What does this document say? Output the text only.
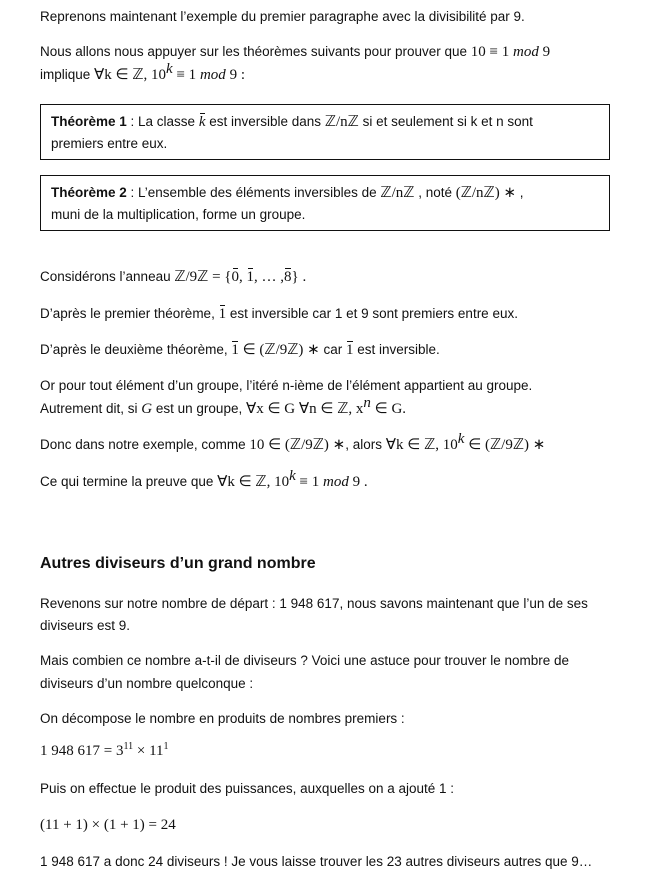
Reprenons maintenant l’exemple du premier paragraphe avec la divisibilité par 9.

Nous allons nous appuyer sur les théorèmes suivants pour prouver que 10 ≡ 1 mod 9

implique ∀k ∈ ℤ, $10^k \equiv 1$ mod 9 :

Théorème 1 : La classe k est inversible dans ℤ/nℤ si et seulement si k et n sont
premiers entre eux.
Théorème 2 : L’ensemble des éléments inversibles de ℤ/nℤ , noté (ℤ/nℤ) ∗ ,
muni de la multiplication, forme un groupe.

Considérons l’anneau ℤ/9ℤ = {0, 1, … ,8} .

D’après le premier théorème, 1 est inversible car 1 et 9 sont premiers entre eux.

D’après le deuxième théorème, 1 ∈ (ℤ/9ℤ) ∗ car 1 est inversible.

Or pour tout élément d’un groupe, l’itéré n-ième de l’élément appartient au groupe.

Autrement dit, si G est un groupe, ∀x ∈ G ∀n ∈ ℤ, $x^n$ ∈ G.

Donc dans notre exemple, comme 10 ∈ (ℤ/9ℤ) ∗, alors ∀k ∈ ℤ, 10$^k$ ∈ (ℤ/9ℤ) ∗

Ce qui termine la preuve que ∀k ∈ ℤ, $10^k \equiv 1$ mod 9 .

Autres diviseurs d’un grand nombre

Revenons sur notre nombre de départ : 1 948 617, nous savons maintenant que l’un de ses

diviseurs est 9.

Mais combien ce nombre a-t-il de diviseurs ? Voici une astuce pour trouver le nombre de

diviseurs d’un nombre quelconque :

On décompose le nombre en produits de nombres premiers :

1 948 $617 = 3^{11} \times 11^1$

Puis on effectue le produit des puissances, auxquelles on a ajouté 1 :

(11 + 1) × (1 + 1) = 24

1 948 617 a donc 24 diviseurs ! Je vous laisse trouver les 23 autres diviseurs autres que 9…
